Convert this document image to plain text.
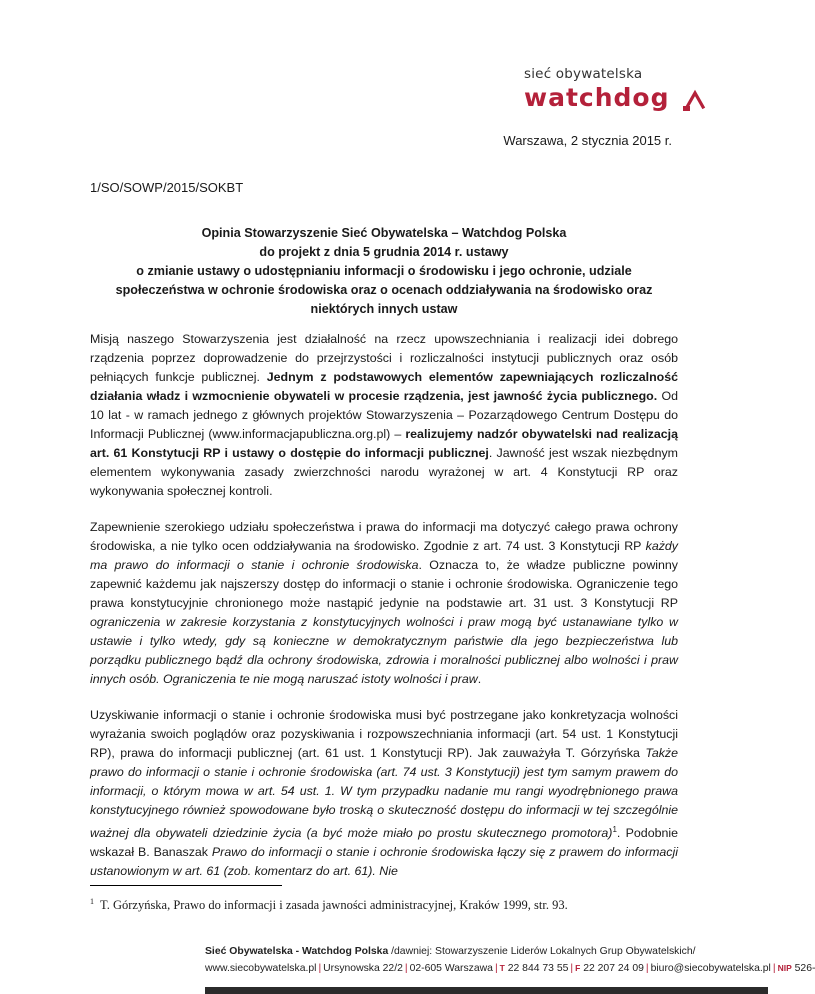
sieć obywatelska
watchdog
Warszawa, 2 stycznia 2015 r.
1/SO/SOWP/2015/SOKBT
Opinia Stowarzyszenie Sieć Obywatelska – Watchdog Polska
do projekt z dnia 5 grudnia 2014 r. ustawy
o zmianie ustawy o udostępnianiu informacji o środowisku i jego ochronie, udziale
społeczeństwa w ochronie środowiska oraz o ocenach oddziaływania na środowisko oraz
niektórych innych ustaw

Misją naszego Stowarzyszenia jest działalność na rzecz upowszechniania i realizacji idei dobrego rządzenia poprzez doprowadzenie do przejrzystości i rozliczalności instytucji publicznych oraz osób pełniących funkcje publicznej. Jednym z podstawowych elementów zapewniających rozliczalność działania władz i wzmocnienie obywateli w procesie rządzenia, jest jawność życia publicznego. Od 10 lat - w ramach jednego z głównych projektów Stowarzyszenia – Pozarządowego Centrum Dostępu do Informacji Publicznej (www.informacjapubliczna.org.pl) – realizujemy nadzór obywatelski nad realizacją art. 61 Konstytucji RP i ustawy o dostępie do informacji publicznej. Jawność jest wszak niezbędnym elementem wykonywania zasady zwierzchności narodu wyrażonej w art. 4 Konstytucji RP oraz wykonywania społecznej kontroli.

Zapewnienie szerokiego udziału społeczeństwa i prawa do informacji ma dotyczyć całego prawa ochrony środowiska, a nie tylko ocen oddziaływania na środowisko. Zgodnie z art. 74 ust. 3 Konstytucji RP każdy ma prawo do informacji o stanie i ochronie środowiska. Oznacza to, że władze publiczne powinny zapewnić każdemu jak najszerszy dostęp do informacji o stanie i ochronie środowiska. Ograniczenie tego prawa konstytucyjnie chronionego może nastąpić jedynie na podstawie art. 31 ust. 3 Konstytucji RP ograniczenia w zakresie korzystania z konstytucyjnych wolności i praw mogą być ustanawiane tylko w ustawie i tylko wtedy, gdy są konieczne w demokratycznym państwie dla jego bezpieczeństwa lub porządku publicznego bądź dla ochrony środowiska, zdrowia i moralności publicznej albo wolności i praw innych osób. Ograniczenia te nie mogą naruszać istoty wolności i praw.

Uzyskiwanie informacji o stanie i ochronie środowiska musi być postrzegane jako konkretyzacja wolności wyrażania swoich poglądów oraz pozyskiwania i rozpowszechniania informacji (art. 54 ust. 1 Konstytucji RP), prawa do informacji publicznej (art. 61 ust. 1 Konstytucji RP). Jak zauważyła T. Górzyńska Także prawo do informacji o stanie i ochronie środowiska (art. 74 ust. 3 Konstytucji) jest tym samym prawem do informacji, o którym mowa w art. 54 ust. 1. W tym przypadku nadanie mu rangi wyodrębnionego prawa konstytucyjnego również spowodowane było troską o skuteczność dostępu do informacji w tej szczególnie ważnej dla obywateli dziedzinie życia (a być może miało po prostu skutecznego promotora)$^1$. Podobnie wskazał B. Banaszak Prawo do informacji o stanie i ochronie środowiska łączy się z prawem do informacji ustanowionym w art. 61 (zob. komentarz do art. 61). Nie

$^1$ T. Górzyńska, Prawo do informacji i zasada jawności administracyjnej, Kraków 1999, str. 93.
Sieć Obywatelska - Watchdog Polska /dawniej: Stowarzyszenie Liderów Lokalnych Grup Obywatelskich/
www.siecobywatelska.pl | Ursynowska 22/2 | 02-605 Warszawa | T 22 844 73 55 | F 22 207 24 09 | biuro@siecobywatelska.pl | NIP 526-
